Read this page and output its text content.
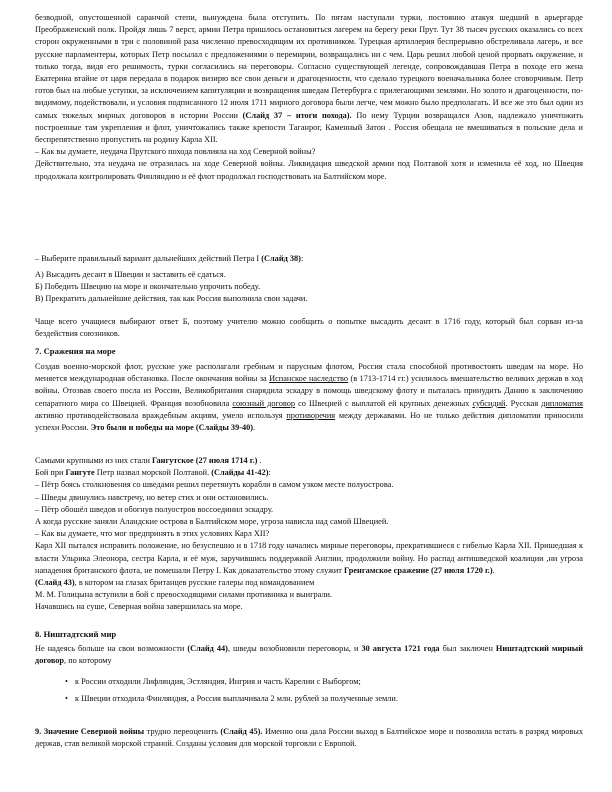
безводной, опустошенной саранчой степи, вынуждена была отступить. По пятам наступали турки, постоянно атакуя шедший в арьергарде Преображенский полк. Пройдя лишь 7 верст, армии Петра пришлось остановиться лагерем на берегу реки Прут. Тут 38 тысяч русских оказались со всех сторон окруженными в три с половиной раза численно превосходящим их противником. Турецкая артиллерия беспрерывно обстреливала лагерь, и все русские парламентеры, которых Петр посылал с предложениями о перемирии, возвращались ни с чем. Царь решил любой ценой прорвать окружение, и только тогда, видя его решимость, турки согласились на переговоры. Согласно существующей легенде, сопровождавшая Петра в походе его жена Екатерина втайне от царя передала в подарок визирю все свои деньги и драгоценности, что сделало турецкого военачальника более сговорчивым. Петр готов был на любые уступки, за исключением капитуляции и возвращения шведам Петербурга с прилегающими землями. Но золото и драгоценности, по-видимому, подействовали, и условия подписанного 12 июля 1711 мирного договора были легче, чем можно было предполагать. И все же это был один из самых тяжелых мирных договоров в истории России (Слайд 37 – итоги похода). По нему Турции возвращался Азов, надлежало уничтожить построенные там укрепления и флот, уничтожались также крепости Таганрог, Каменный Затон . Россия обещала не вмешиваться в польские дела и беспрепятственно пропустить на родину Карла XII.

– Как вы думаете, неудача Прутского похода повлияла на ход Северной войны?

Действительно, эта неудача не отразилась на ходе Северной войны. Ликвидация шведской армии под Полтавой хотя и изменила её ход, но Швеция продолжала контролировать Финляндию и её флот продолжал господствовать на Балтийском море.

– Выберите правильный вариант дальнейших действий Петра I (Слайд 38):

А) Высадить десант в Швеции и заставить её сдаться.

Б) Победить Швецию на море и окончательно упрочить победу.

В) Прекратить дальнейшие действия, так как Россия выполнила свои задачи.

Чаще всего учащиеся выбирают ответ Б, поэтому учителю можно сообщить о попытке высадить десант в 1716 году, который был сорван из-за бездействия союзников.

7. Сражения на море

Создав военно-морской флот, русские уже располагали гребным и парусным флотом, Россия стала способной противостоять шведам на море. Но меняется международная обстановка. После окончания войны за Испанское наследство (в 1713-1714 гг.) усилилось вмешательство великих держав в ход войны. Отозвав своего посла из России, Великобритания снарядила эскадру в помощь шведскому флоту и пыталась принудить Данию к заключению сепаратного мира со Швецией. Франция возобновила союзный договор со Швецией с выплатой ей крупных денежных субсидий. Русская дипломатия активно противодействовала враждебным акциям, умело используя противоречия между державами. Но не только действия дипломатии приносили успехи России. Это были и победы на море (Слайды 39-40).

Самыми крупными из них стали Гангутское (27 июля 1714 г.) .

Бой при Гангуте Петр назвал морской Полтавой. (Слайды 41-42):

– Пётр боясь столкновения со шведами решил перетянуть корабли в самом узком месте полуострова.

– Шведы двинулись навстречу, но ветер стих и они остановились.

– Пётр обошёл шведов и обогнув полуостров воссоединил эскадру.

А когда русские заняли Аландские острова в Балтийском море, угроза нависла над самой Швецией.

– Как вы думаете, что мог предпринять в этих условиях Карл XII?

Карл XII пытался исправить положение, но безуспешно и в 1718 году начались мирные переговоры, прекратившиеся с гибелью Карла XII. Пришедшая к власти Ульрика Элеонора, сестра Карла, и её муж, заручившись поддержкой Англии, продолжили войну. Но распад антишведской коалиции ,ни угроза нападения британского флота, не помешали Петру I. Как доказательство этому служит Гренгамское сражение (27 июля 1720 г.).

(Слайд 43), в котором на глазах британцев русские галеры под командованием

М. М. Голицына вступили в бой с превосходящими силами противника и выиграли.

Начавшись на суше, Северная война завершилась на море.

8. Ништадтский мир

Не надеясь больше на свои возможности (Слайд 44), шведы возобновили переговоры, и 30 августа 1721 года был заключен Ништадтский мирный договор, по которому

• к России отходили Лифляндия, Эстляндия, Ингрия и часть Карелии с Выборгом;

• к Швеции отходила Финляндия, а Россия выплачивала 2 млн. рублей за полученные земли.

9. Значение Северной войны трудно переоценить (Слайд 45). Именно она дала России выход в Балтийское море и позволила встать в разряд мировых держав, став великой морской страной. Созданы условия для морской торговли с Европой.
